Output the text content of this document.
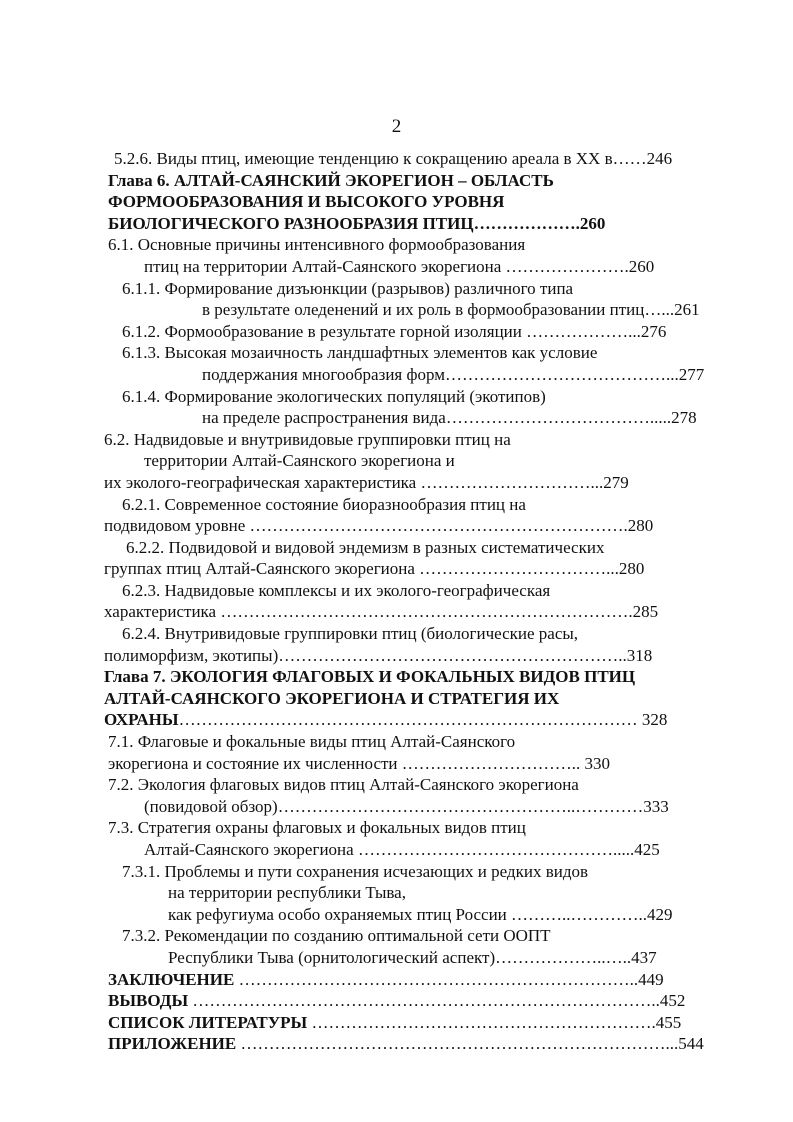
2
5.2.6. Виды птиц, имеющие тенденцию к сокращению ареала в XX в……246
Глава 6. АЛТАЙ-САЯНСКИЙ ЭКОРЕГИОН – ОБЛАСТЬ
ФОРМООБРАЗОВАНИЯ И ВЫСОКОГО УРОВНЯ
БИОЛОГИЧЕСКОГО РАЗНООБРАЗИЯ ПТИЦ……………….260
6.1. Основные причины интенсивного формообразования
птиц на территории Алтай-Саянского экорегиона ………………….260
6.1.1. Формирование дизъюнкции (разрывов) различного типа
в результате оледенений и их роль в формообразовании птиц…...261
6.1.2. Формообразование в результате горной изоляции ………………...276
6.1.3. Высокая мозаичность ландшафтных элементов как условие
поддержания многообразия форм…………………………………...277
6.1.4. Формирование экологических популяций (экотипов)
на пределе распространения вида……………………………….....278
6.2. Надвидовые и внутривидовые группировки птиц на
территории Алтай-Саянского экорегиона и
их эколого-географическая характеристика …………………………...279
6.2.1. Современное состояние биоразнообразия птиц на
подвидовом уровне ………………………………………………………….280
6.2.2. Подвидовой и видовой эндемизм в разных систематических
группах птиц Алтай-Саянского экорегиона ……………………………...280
6.2.3. Надвидовые комплексы и их эколого-географическая
характеристика ……………………………………………………………….285
6.2.4. Внутривидовые группировки птиц (биологические расы,
полиморфизм, экотипы)……………………………………………………..318
Глава 7. ЭКОЛОГИЯ ФЛАГОВЫХ И ФОКАЛЬНЫХ ВИДОВ ПТИЦ
АЛТАЙ-САЯНСКОГО ЭКОРЕГИОНА И СТРАТЕГИЯ ИХ
ОХРАНЫ……………………………………………………………………… 328
7.1. Флаговые и фокальные виды птиц Алтай-Саянского
экорегиона и состояние их численности ………………………….. 330
7.2. Экология флаговых видов птиц Алтай-Саянского экорегиона
(повидовой обзор)……………………………………………..…………333
7.3. Стратегия охраны флаговых и фокальных видов птиц
Алтай-Саянского экорегиона ……………………………………….....425
7.3.1. Проблемы и пути сохранения исчезающих и редких видов
на территории республики Тыва,
как рефугиума особо охраняемых птиц России ………..…………..429
7.3.2. Рекомендации по созданию оптимальной сети ООПТ
Республики Тыва (орнитологический аспект)………………..…..437
ЗАКЛЮЧЕНИЕ ……………………………………………………………..449
ВЫВОДЫ ………………………………………………………………………..452
СПИСОК ЛИТЕРАТУРЫ …………………………………………………….455
ПРИЛОЖЕНИЕ …………………………………………………………………...544
